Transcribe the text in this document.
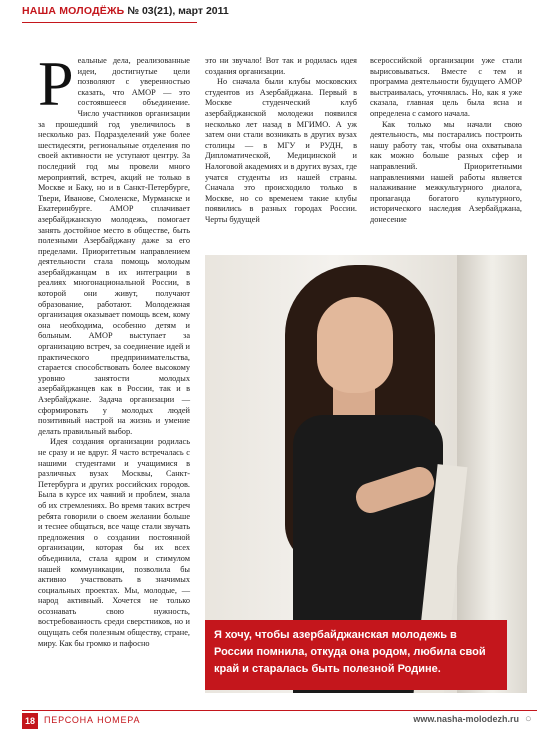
НАША МОЛОДЁЖЬ № 03(21), март 2011

Реальные дела, реализованные идеи, достигнутые цели позволяют с уверенностью сказать, что АМОР — это состоявшееся объединение. Число участников организации за прошедший год увеличилось в несколько раз. Подразделений уже более шестидесяти, региональные отделения по своей активности не уступают центру. За последний год мы провели много мероприятий, встреч, акций не только в Москве и Баку, но и в Санкт-Петербурге, Твери, Иванове, Смоленске, Мурманске и Екатеринбурге. АМОР сплачивает азербайджанскую молодежь, помогает занять достойное место в обществе, быть полезными Азербайджану даже за его пределами. Приоритетным направлением деятельности стала помощь молодым азербайджанцам в их интеграции в реалиях многонациональной России, в которой они живут, получают образование, работают. Молодежная организация оказывает помощь всем, кому она необходима, особенно детям и больным. АМОР выступает за организацию встреч, за соединение идей и практического предпринимательства, старается способствовать более высокому уровню занятости молодых азербайджанцев как в России, так и в Азербайджане. Задача организации — сформировать у молодых людей позитивный настрой на жизнь и умение делать правильный выбор.

Идея создания организации родилась не сразу и не вдруг. Я часто встречалась с нашими студентами и учащимися в различных вузах Москвы, Санкт-Петербурга и других российских городов. Была в курсе их чаяний и проблем, знала об их стремлениях. Во время таких встреч ребята говорили о своем желании больше и теснее общаться, все чаще стали звучать предложения о создании постоянной организации, которая бы их всех объединила, стала ядром и стимулом нашей коммуникации, позволила бы активно участвовать в значимых социальных проектах. Мы, молодые, — народ активный. Хочется не только осознавать свою нужность, востребованность среди сверстников, но и ощущать себя полезным обществу, стране, миру. Как бы громко и пафосно

это ни звучало! Вот так и родилась идея создания организации.

Но сначала были клубы московских студентов из Азербайджана. Первый в Москве студенческий клуб азербайджанской молодежи появился несколько лет назад в МГИМО. А уж затем они стали возникать в других вузах столицы — в МГУ и РУДН, в Дипломатической, Медицинской и Налоговой академиях и в других вузах, где учатся студенты из нашей страны. Сначала это происходило только в Москве, но со временем такие клубы появились в разных городах России. Черты будущей

всероссийской организации уже стали вырисовываться. Вместе с тем и программа деятельности будущего АМОР выстраивалась, уточнялась. Но, как я уже сказала, главная цель была ясна и определена с самого начала.

Как только мы начали свою деятельность, мы постарались построить нашу работу так, чтобы она охватывала как можно больше разных сфер и направлений. Приоритетными направлениями нашей работы является налаживание межкультурного диалога, пропаганда богатого культурного, исторического наследия Азербайджана, донесение

Я хочу, чтобы азербайджанская молодежь в России помнила, откуда она родом, любила свой край и старалась быть полезной Родине.
18	ПЕРСОНА НОМЕРА	www.nasha-molodezh.ru ○
